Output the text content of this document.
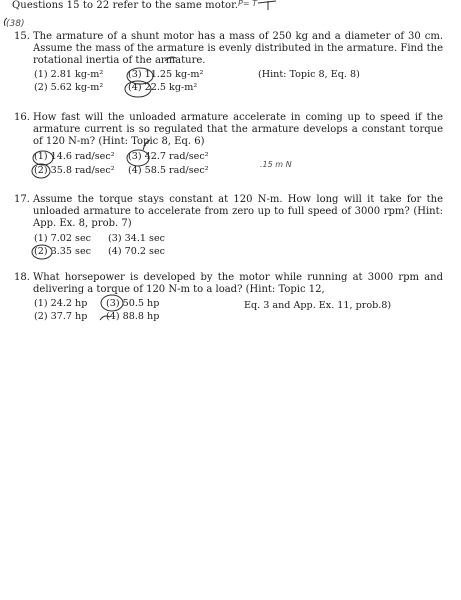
Questions 15 to 22 refer to the same motor.
(38)
P= T
15. The armature of a shunt motor has a mass of 250 kg and a diameter of 30 cm. Assume the mass of the armature is evenly distributed in the armature. Find the rotational inertia of the armature.
(1) 2.81 kg-m²	(3) 11.25 kg-m²
(2) 5.62 kg-m²	(4) 22.5 kg-m²
(Hint: Topic 8, Eq. 8)
16. How fast will the unloaded armature accelerate in coming up to speed if the armature current is so regulated that the armature develops a constant torque of 120 N-m? (Hint: Topic 8, Eq. 6)
(1) 14.6 rad/sec² (3) 42.7 rad/sec²
(2) 35.8 rad/sec² (4) 58.5 rad/sec²
.15 m N
17. Assume the torque stays constant at 120 N-m. How long will it take for the unloaded armature to accelerate from zero up to full speed of 3000 rpm? (Hint: App. Ex. 8, prob. 7)
(1) 7.02 sec (3) 34.1 sec
(2) 3.35 sec (4) 70.2 sec
18. What horsepower is developed by the motor while running at 3000 rpm and delivering a torque of 120 N-m to a load? (Hint: Topic 12,
(1) 24.2 hp (3) 50.5 hp
(2) 37.7 hp (4) 88.8 hp
Eq. 3 and App. Ex. 11, prob.8)
